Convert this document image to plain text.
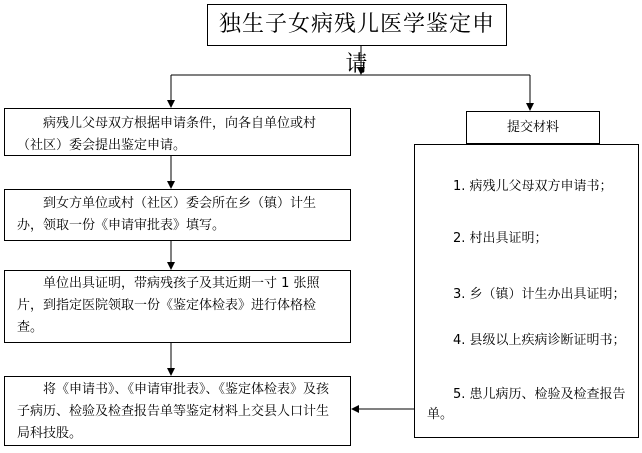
独生子女病残儿医学鉴定申请
病残儿父母双方根据申请条件，向各自单位或村（社区）委会提出鉴定申请。
到女方单位或村（社区）委会所在乡（镇）计生办，领取一份《申请审批表》填写。
单位出具证明，带病残孩子及其近期一寸 1 张照片，到指定医院领取一份《鉴定体检表》进行体格检查。
将《申请书》、《申请审批表》、《鉴定体检表》及孩子病历、检验及检查报告单等鉴定材料上交县人口计生局科技股。
提交材料
1. 病残儿父母双方申请书；
2. 村出具证明；
3. 乡（镇）计生办出具证明；
4. 县级以上疾病诊断证明书；
5. 患儿病历、检验及检查报告单。
